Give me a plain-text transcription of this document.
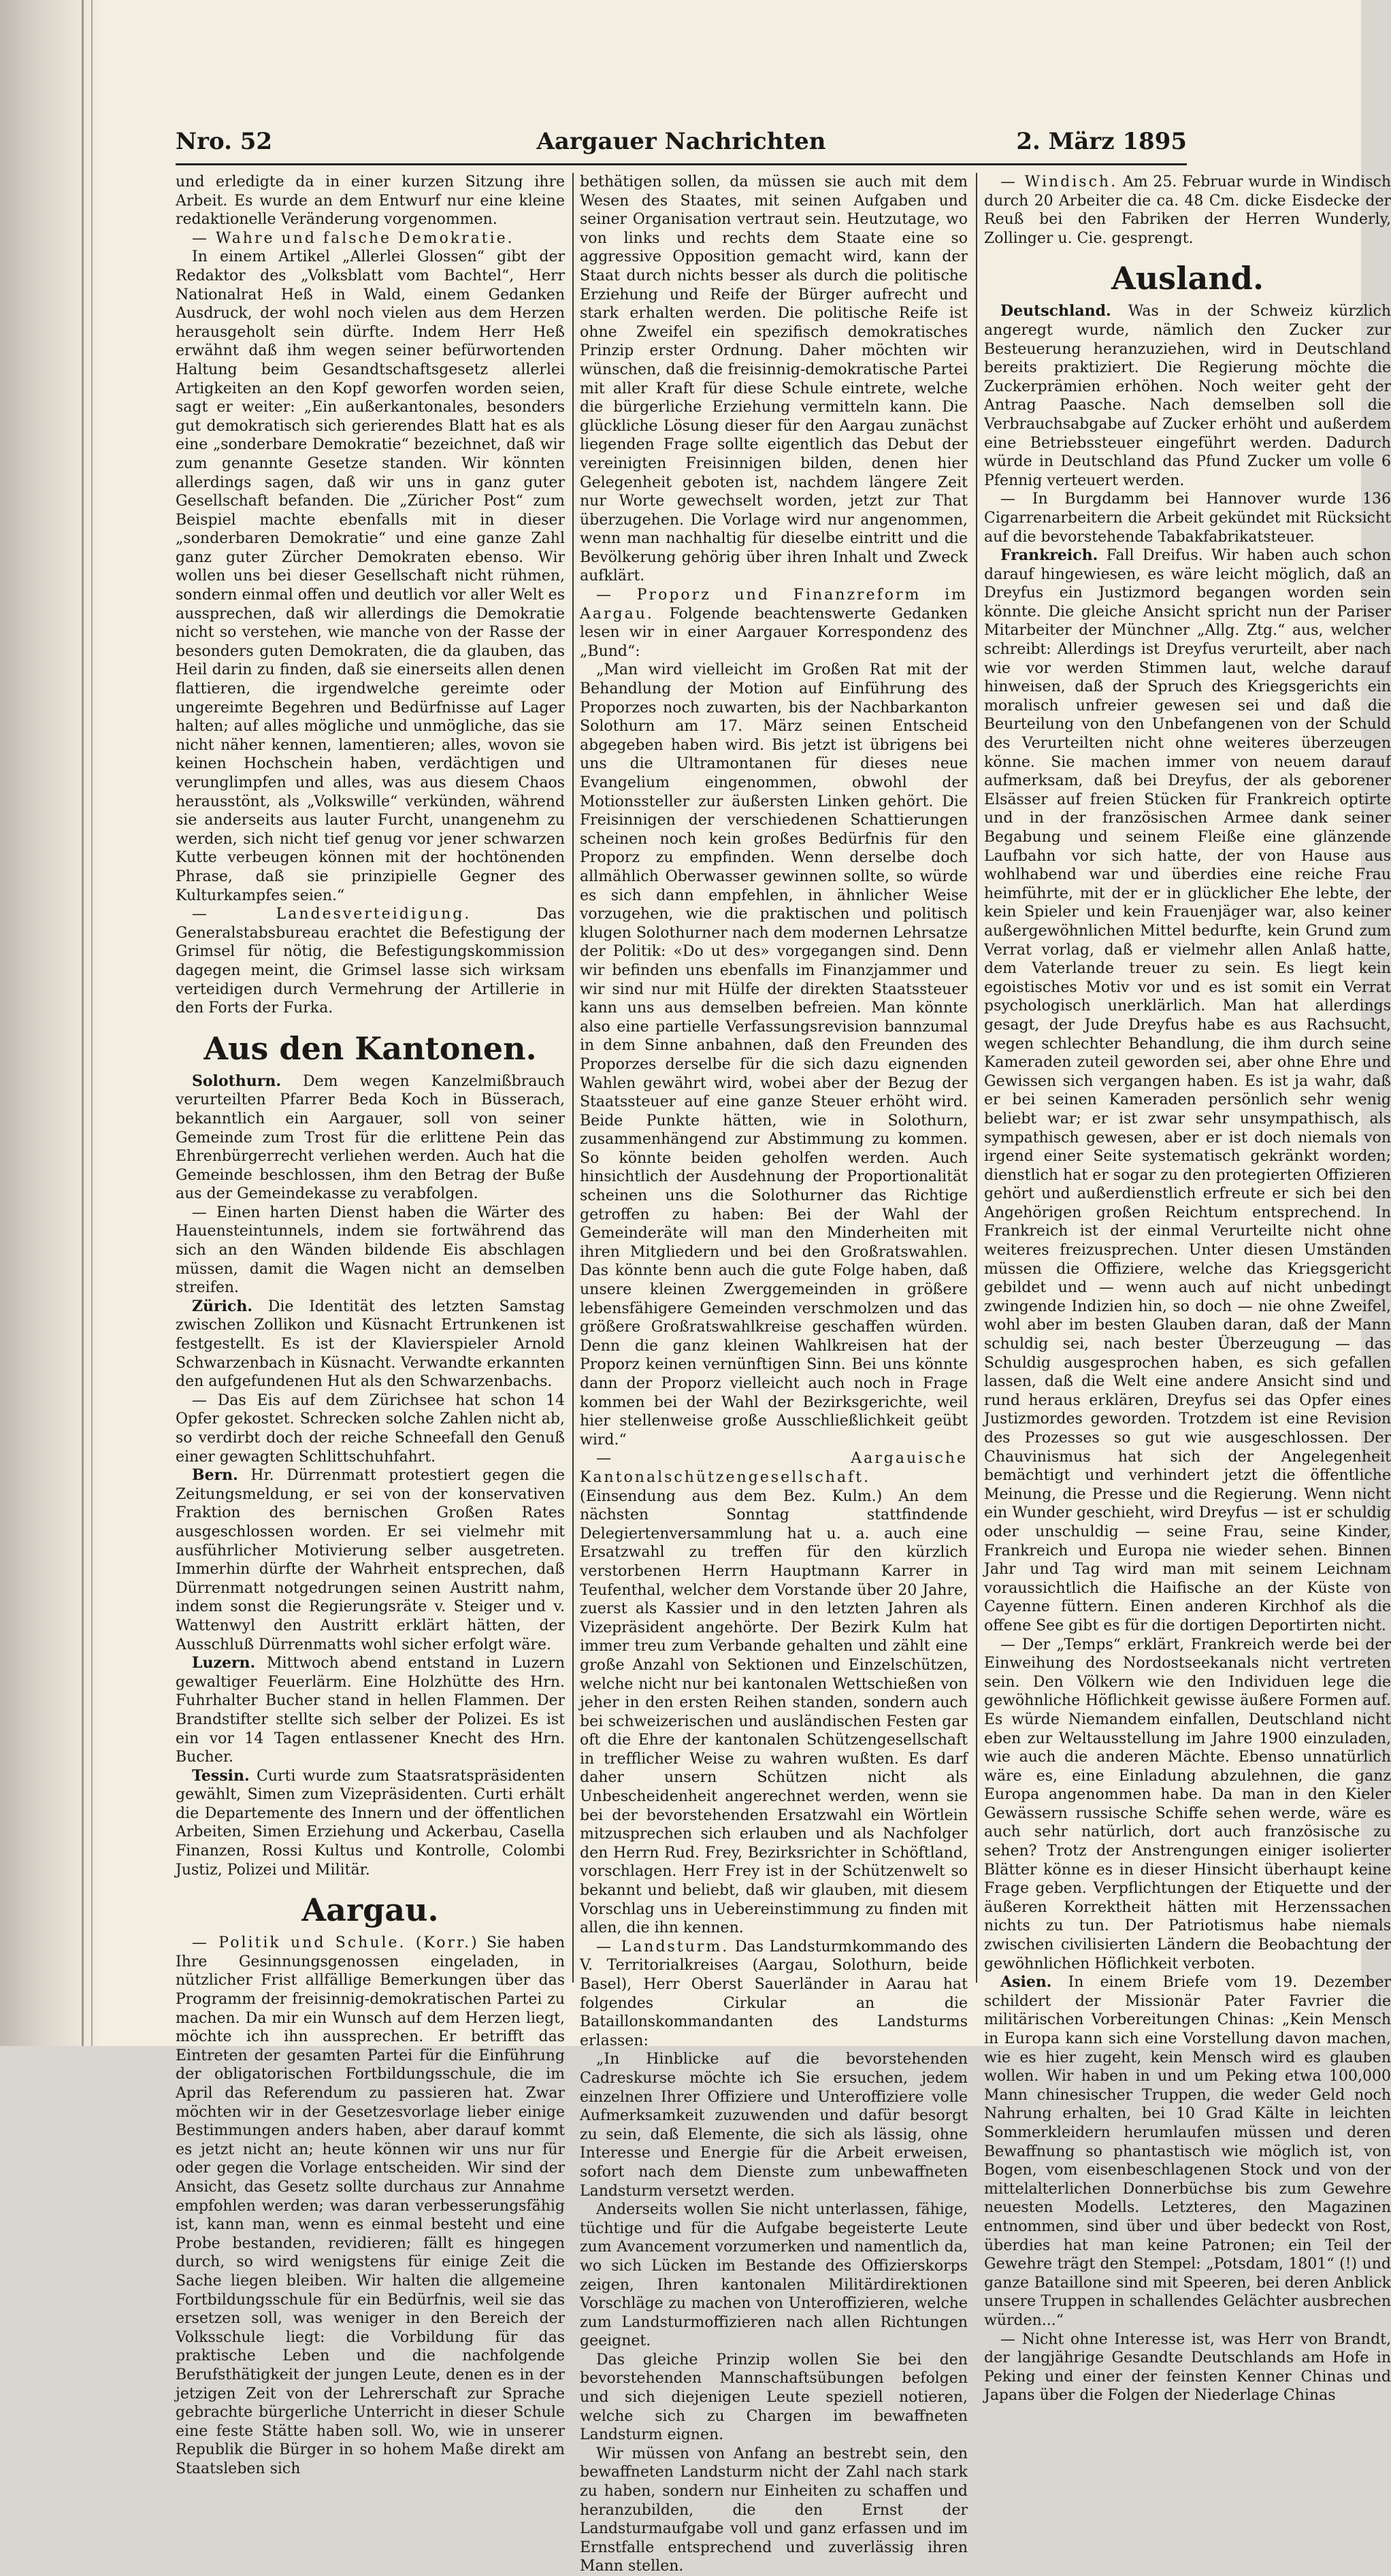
Nro. 52	Aargauer Nachrichten	2. März 1895

und erledigte da in einer kurzen Sitzung ihre Arbeit. Es wurde an dem Entwurf nur eine kleine redaktionelle Veränderung vorgenommen.

— Wahre und falsche Demokratie.

In einem Artikel „Allerlei Glossen“ gibt der Redaktor des „Volksblatt vom Bachtel“, Herr Nationalrat Heß in Wald, einem Gedanken Ausdruck, der wohl noch vielen aus dem Herzen herausgeholt sein dürfte. Indem Herr Heß erwähnt daß ihm wegen seiner befürwortenden Haltung beim Gesandtschaftsgesetz allerlei Artigkeiten an den Kopf geworfen worden seien, sagt er weiter: „Ein außerkantonales, besonders gut demokratisch sich gerierendes Blatt hat es als eine „sonderbare Demokratie“ bezeichnet, daß wir zum genannte Gesetze standen. Wir könnten allerdings sagen, daß wir uns in ganz guter Gesellschaft befanden. Die „Züricher Post“ zum Beispiel machte ebenfalls mit in dieser „sonderbaren Demokratie“ und eine ganze Zahl ganz guter Zürcher Demokraten ebenso. Wir wollen uns bei dieser Gesellschaft nicht rühmen, sondern einmal offen und deutlich vor aller Welt es aussprechen, daß wir allerdings die Demokratie nicht so verstehen, wie manche von der Rasse der besonders guten Demokraten, die da glauben, das Heil darin zu finden, daß sie einerseits allen denen flattieren, die irgendwelche gereimte oder ungereimte Begehren und Bedürfnisse auf Lager halten; auf alles mögliche und unmögliche, das sie nicht näher kennen, lamentieren; alles, wovon sie keinen Hochschein haben, verdächtigen und verunglimpfen und alles, was aus diesem Chaos herausstönt, als „Volkswille“ verkünden, während sie anderseits aus lauter Furcht, unangenehm zu werden, sich nicht tief genug vor jener schwarzen Kutte verbeugen können mit der hochtönenden Phrase, daß sie prinzipielle Gegner des Kulturkampfes seien.“

— Landesverteidigung.	Das Generalstabsbureau erachtet die Befestigung der Grimsel für nötig, die Befestigungskommission dagegen meint, die Grimsel lasse sich wirksam verteidigen durch Vermehrung der Artillerie in den Forts der Furka.

Aus den Kantonen.

Solothurn. Dem wegen Kanzelmißbrauch verurteilten Pfarrer Beda Koch in Büsserach, bekanntlich ein Aargauer, soll von seiner Gemeinde zum Trost für die erlittene Pein das Ehrenbürgerrecht verliehen werden. Auch hat die Gemeinde beschlossen, ihm den Betrag der Buße aus der Gemeindekasse zu verabfolgen.

— Einen harten Dienst haben die Wärter des Hauensteintunnels, indem sie fortwährend das sich an den Wänden bildende Eis abschlagen müssen, damit die Wagen nicht an demselben streifen.

Zürich. Die Identität des letzten Samstag zwischen Zollikon und Küsnacht Ertrunkenen ist festgestellt. Es ist der Klavierspieler Arnold Schwarzenbach in Küsnacht. Verwandte erkannten den aufgefundenen Hut als den Schwarzenbachs.

— Das Eis auf dem Zürichsee hat schon 14 Opfer gekostet. Schrecken solche Zahlen nicht ab, so verdirbt doch der reiche Schneefall den Genuß einer gewagten Schlittschuhfahrt.

Bern. Hr. Dürrenmatt protestiert gegen die Zeitungsmeldung, er sei von der konservativen Fraktion des bernischen Großen Rates ausgeschlossen worden. Er sei vielmehr mit ausführlicher Motivierung selber ausgetreten. Immerhin dürfte der Wahrheit entsprechen, daß Dürrenmatt notgedrungen seinen Austritt nahm, indem sonst die Regierungsräte v. Steiger und v. Wattenwyl den Austritt erklärt hätten, der Ausschluß Dürrenmatts wohl sicher erfolgt wäre.

Luzern. Mittwoch abend entstand in Luzern gewaltiger Feuerlärm. Eine Holzhütte des Hrn. Fuhrhalter Bucher stand in hellen Flammen. Der Brandstifter stellte sich selber der Polizei. Es ist ein vor 14 Tagen entlassener Knecht des Hrn. Bucher.

Tessin. Curti wurde zum Staatsratspräsidenten gewählt, Simen zum Vizepräsidenten. Curti erhält die Departemente des Innern und der öffentlichen Arbeiten, Simen Erziehung und Ackerbau, Casella Finanzen, Rossi Kultus und Kontrolle, Colombi Justiz, Polizei und Militär.

Aargau.

— Politik und Schule. (Korr.) Sie haben Ihre Gesinnungsgenossen eingeladen, in nützlicher Frist allfällige Bemerkungen über das Programm der freisinnig-demokratischen Partei zu machen. Da mir ein Wunsch auf dem Herzen liegt, möchte ich ihn aussprechen. Er betrifft das Eintreten der gesamten Partei für die Einführung der obligatorischen Fortbildungsschule, die im April das Referendum zu passieren hat. Zwar möchten wir in der Gesetzesvorlage lieber einige Bestimmungen anders haben, aber darauf kommt es jetzt nicht an; heute können wir uns nur für oder gegen die Vorlage entscheiden. Wir sind der Ansicht, das Gesetz sollte durchaus zur Annahme empfohlen werden; was daran verbesserungsfähig ist, kann man, wenn es einmal besteht und eine Probe bestanden, revidieren; fällt es hingegen durch, so wird wenigstens für einige Zeit die Sache liegen bleiben. Wir halten die allgemeine Fortbildungsschule für ein Bedürfnis, weil sie das ersetzen soll, was weniger in den Bereich der Volksschule liegt: die Vorbildung für das praktische Leben und die nachfolgende Berufsthätigkeit der jungen Leute, denen es in der jetzigen Zeit von der Lehrerschaft zur Sprache gebrachte bürgerliche Unterricht in dieser Schule eine feste Stätte haben soll. Wo, wie in unserer Republik die Bürger in so hohem Maße direkt am Staatsleben sich

bethätigen sollen, da müssen sie auch mit dem Wesen des Staates, mit seinen Aufgaben und seiner Organisation vertraut sein. Heutzutage, wo von links und rechts dem Staate eine so aggressive Opposition gemacht wird, kann der Staat durch nichts besser als durch die politische Erziehung und Reife der Bürger aufrecht und stark erhalten werden. Die politische Reife ist ohne Zweifel ein spezifisch demokratisches Prinzip erster Ordnung. Daher möchten wir wünschen, daß die freisinnig-demokratische Partei mit aller Kraft für diese Schule eintrete, welche die bürgerliche Erziehung vermitteln kann. Die glückliche Lösung dieser für den Aargau zunächst liegenden Frage sollte eigentlich das Debut der vereinigten Freisinnigen bilden, denen hier Gelegenheit geboten ist, nachdem längere Zeit nur Worte gewechselt worden, jetzt zur That überzugehen. Die Vorlage wird nur angenommen, wenn man nachhaltig für dieselbe eintritt und die Bevölkerung gehörig über ihren Inhalt und Zweck aufklärt.

— Proporz und Finanzreform im Aargau. Folgende beachtenswerte Gedanken lesen wir in einer Aargauer Korrespondenz des „Bund“:

„Man wird vielleicht im Großen Rat mit der Behandlung der Motion auf Einführung des Proporzes noch zuwarten, bis der Nachbarkanton Solothurn am 17. März seinen Entscheid abgegeben haben wird. Bis jetzt ist übrigens bei uns die Ultramontanen für dieses neue Evangelium eingenommen, obwohl der Motionssteller zur äußersten Linken gehört. Die Freisinnigen der verschiedenen Schattierungen scheinen noch kein großes Bedürfnis für den Proporz zu empfinden. Wenn derselbe doch allmählich Oberwasser gewinnen sollte, so würde es sich dann empfehlen, in ähnlicher Weise vorzugehen, wie die praktischen und politisch klugen Solothurner nach dem modernen Lehrsatze der Politik: «Do ut des» vorgegangen sind. Denn wir befinden uns ebenfalls im Finanzjammer und wir sind nur mit Hülfe der direkten Staatssteuer kann uns aus demselben befreien. Man könnte also eine partielle Verfassungsrevision bannzumal in dem Sinne anbahnen, daß den Freunden des Proporzes derselbe für die sich dazu eignenden Wahlen gewährt wird, wobei aber der Bezug der Staatssteuer auf eine ganze Steuer erhöht wird. Beide Punkte hätten, wie in Solothurn, zusammenhängend zur Abstimmung zu kommen. So könnte beiden geholfen werden. Auch hinsichtlich der Ausdehnung der Proportionalität scheinen uns die Solothurner das Richtige getroffen zu haben: Bei der Wahl der Gemeinderäte will man den Minderheiten mit ihren Mitgliedern und bei den Großratswahlen. Das könnte benn auch die gute Folge haben, daß unsere kleinen Zwerggemeinden in größere lebensfähigere Gemeinden verschmolzen und das größere Großratswahlkreise geschaffen würden. Denn die ganz kleinen Wahlkreisen hat der Proporz keinen vernünftigen Sinn. Bei uns könnte dann der Proporz vielleicht auch noch in Frage kommen bei der Wahl der Bezirksgerichte, weil hier stellenweise große Ausschließlichkeit geübt wird.“

— Aargauische Kantonalschützengesellschaft. (Einsendung aus dem Bez. Kulm.) An dem nächsten Sonntag stattfindende Delegiertenversammlung hat u. a. auch eine Ersatzwahl zu treffen für den kürzlich verstorbenen Herrn Hauptmann Karrer in Teufenthal, welcher dem Vorstande über 20 Jahre, zuerst als Kassier und in den letzten Jahren als Vizepräsident angehörte. Der Bezirk Kulm hat immer treu zum Verbande gehalten und zählt eine große Anzahl von Sektionen und Einzelschützen, welche nicht nur bei kantonalen Wettschießen von jeher in den ersten Reihen standen, sondern auch bei schweizerischen und ausländischen Festen gar oft die Ehre der kantonalen Schützengesellschaft in trefflicher Weise zu wahren wußten. Es darf daher unsern Schützen nicht als Unbescheidenheit angerechnet werden, wenn sie bei der bevorstehenden Ersatzwahl ein Wörtlein mitzusprechen sich erlauben und als Nachfolger den Herrn Rud. Frey, Bezirksrichter in Schöftland, vorschlagen. Herr Frey ist in der Schützenwelt so bekannt und beliebt, daß wir glauben, mit diesem Vorschlag uns in Uebereinstimmung zu finden mit allen, die ihn kennen.

— Landsturm. Das Landsturmkommando des V. Territorialkreises (Aargau, Solothurn, beide Basel), Herr Oberst Sauerländer in Aarau hat folgendes Cirkular an die Bataillonskommandanten des Landsturms erlassen:

„In Hinblicke auf die bevorstehenden Cadreskurse möchte ich Sie ersuchen, jedem einzelnen Ihrer Offiziere und Unteroffiziere volle Aufmerksamkeit zuzuwenden und dafür besorgt zu sein, daß Elemente, die sich als lässig, ohne Interesse und Energie für die Arbeit erweisen, sofort nach dem Dienste zum unbewaffneten Landsturm versetzt werden.

Anderseits wollen Sie nicht unterlassen, fähige, tüchtige und für die Aufgabe begeisterte Leute zum Avancement vorzumerken und namentlich da, wo sich Lücken im Bestande des Offizierskorps zeigen, Ihren kantonalen Militärdirektionen Vorschläge zu machen von Unteroffizieren, welche zum Landsturmoffizieren nach allen Richtungen geeignet.

Das gleiche Prinzip wollen Sie bei den bevorstehenden Mannschaftsübungen befolgen und sich diejenigen Leute speziell notieren, welche sich zu Chargen im bewaffneten Landsturm eignen.

Wir müssen von Anfang an bestrebt sein, den bewaffneten Landsturm nicht der Zahl nach stark zu haben, sondern nur Einheiten zu schaffen und heranzubilden, die den Ernst der Landsturmaufgabe voll und ganz erfassen und im Ernstfalle entsprechend und zuverlässig ihren Mann stellen.

— Windisch. Am 25. Februar wurde in Windisch durch 20 Arbeiter die ca. 48 Cm. dicke Eisdecke der Reuß bei den Fabriken der Herren Wunderly, Zollinger u. Cie. gesprengt.

Ausland.

Deutschland. Was in der Schweiz kürzlich angeregt wurde, nämlich den Zucker zur Besteuerung heranzuziehen, wird in Deutschland bereits praktiziert. Die Regierung möchte die Zuckerprämien erhöhen. Noch weiter geht der Antrag Paasche. Nach demselben soll die Verbrauchsabgabe auf Zucker erhöht und außerdem eine Betriebssteuer eingeführt werden. Dadurch würde in Deutschland das Pfund Zucker um volle 6 Pfennig verteuert werden.

— In Burgdamm bei Hannover wurde 136 Cigarrenarbeitern die Arbeit gekündet mit Rücksicht auf die bevorstehende Tabakfabrikatsteuer.

Frankreich. Fall Dreifus. Wir haben auch schon darauf hingewiesen, es wäre leicht möglich, daß an Dreyfus ein Justizmord begangen worden sein könnte. Die gleiche Ansicht spricht nun der Pariser Mitarbeiter der Münchner „Allg. Ztg.“ aus, welcher schreibt: Allerdings ist Dreyfus verurteilt, aber nach wie vor werden Stimmen laut, welche darauf hinweisen, daß der Spruch des Kriegsgerichts ein moralisch unfreier gewesen sei und daß die Beurteilung von den Unbefangenen von der Schuld des Verurteilten nicht ohne weiteres überzeugen könne. Sie machen immer von neuem darauf aufmerksam, daß bei Dreyfus, der als geborener Elsässer auf freien Stücken für Frankreich optirte und in der französischen Armee dank seiner Begabung und seinem Fleiße eine glänzende Laufbahn vor sich hatte, der von Hause aus wohlhabend war und überdies eine reiche Frau heimführte, mit der er in glücklicher Ehe lebte, der kein Spieler und kein Frauenjäger war, also keiner außergewöhnlichen Mittel bedurfte, kein Grund zum Verrat vorlag, daß er vielmehr allen Anlaß hatte, dem Vaterlande treuer zu sein. Es liegt kein egoistisches Motiv vor und es ist somit ein Verrat psychologisch unerklärlich. Man hat allerdings gesagt, der Jude Dreyfus habe es aus Rachsucht, wegen schlechter Behandlung, die ihm durch seine Kameraden zuteil geworden sei, aber ohne Ehre und Gewissen sich vergangen haben. Es ist ja wahr, daß er bei seinen Kameraden persönlich sehr wenig beliebt war; er ist zwar sehr unsympathisch, als sympathisch gewesen, aber er ist doch niemals von irgend einer Seite systematisch gekränkt worden; dienstlich hat er sogar zu den protegierten Offizieren gehört und außerdienstlich erfreute er sich bei den Angehörigen großen Reichtum entsprechend. In Frankreich ist der einmal Verurteilte nicht ohne weiteres freizusprechen. Unter diesen Umständen müssen die Offiziere, welche das Kriegsgericht gebildet und — wenn auch auf nicht unbedingt zwingende Indizien hin, so doch — nie ohne Zweifel, wohl aber im besten Glauben daran, daß der Mann schuldig sei, nach bester Überzeugung — das Schuldig ausgesprochen haben, es sich gefallen lassen, daß die Welt eine andere Ansicht sind und rund heraus erklären, Dreyfus sei das Opfer eines Justizmordes geworden. Trotzdem ist eine Revision des Prozesses so gut wie ausgeschlossen. Der Chauvinismus hat sich der Angelegenheit bemächtigt und verhindert jetzt die öffentliche Meinung, die Presse und die Regierung. Wenn nicht ein Wunder geschieht, wird Dreyfus — ist er schuldig oder unschuldig — seine Frau, seine Kinder, Frankreich und Europa nie wieder sehen. Binnen Jahr und Tag wird man mit seinem Leichnam voraussichtlich die Haifische an der Küste von Cayenne füttern. Einen anderen Kirchhof als die offene See gibt es für die dortigen Deportirten nicht.

— Der „Temps“ erklärt, Frankreich werde bei der Einweihung des Nordostseekanals nicht vertreten sein. Den Völkern wie den Individuen lege die gewöhnliche Höflichkeit gewisse äußere Formen auf. Es würde Niemandem einfallen, Deutschland nicht eben zur Weltausstellung im Jahre 1900 einzuladen, wie auch die anderen Mächte. Ebenso unnatürlich wäre es, eine Einladung abzulehnen, die ganz Europa angenommen habe. Da man in den Kieler Gewässern russische Schiffe sehen werde, wäre es auch sehr natürlich, dort auch französische zu sehen? Trotz der Anstrengungen einiger isolierter Blätter könne es in dieser Hinsicht überhaupt keine Frage geben. Verpflichtungen der Etiquette und der äußeren Korrektheit hätten mit Herzenssachen nichts zu tun. Der Patriotismus habe niemals zwischen civilisierten Ländern die Beobachtung der gewöhnlichen Höflichkeit verboten.

Asien. In einem Briefe vom 19. Dezember schildert der Missionär Pater Favrier die militärischen Vorbereitungen Chinas: „Kein Mensch in Europa kann sich eine Vorstellung davon machen, wie es hier zugeht, kein Mensch wird es glauben wollen. Wir haben in und um Peking etwa 100,000 Mann chinesischer Truppen, die weder Geld noch Nahrung erhalten, bei 10 Grad Kälte in leichten Sommerkleidern herumlaufen müssen und deren Bewaffnung so phantastisch wie möglich ist, von Bogen, vom eisenbeschlagenen Stock und von der mittelalterlichen Donnerbüchse bis zum Gewehre neuesten Modells. Letzteres, den Magazinen entnommen, sind über und über bedeckt von Rost, überdies hat man keine Patronen; ein Teil der Gewehre trägt den Stempel: „Potsdam, 1801“ (!) und ganze Bataillone sind mit Speeren, bei deren Anblick unsere Truppen in schallendes Gelächter ausbrechen würden...“

— Nicht ohne Interesse ist, was Herr von Brandt, der langjährige Gesandte Deutschlands am Hofe in Peking und einer der feinsten Kenner Chinas und Japans über die Folgen der Niederlage Chinas
